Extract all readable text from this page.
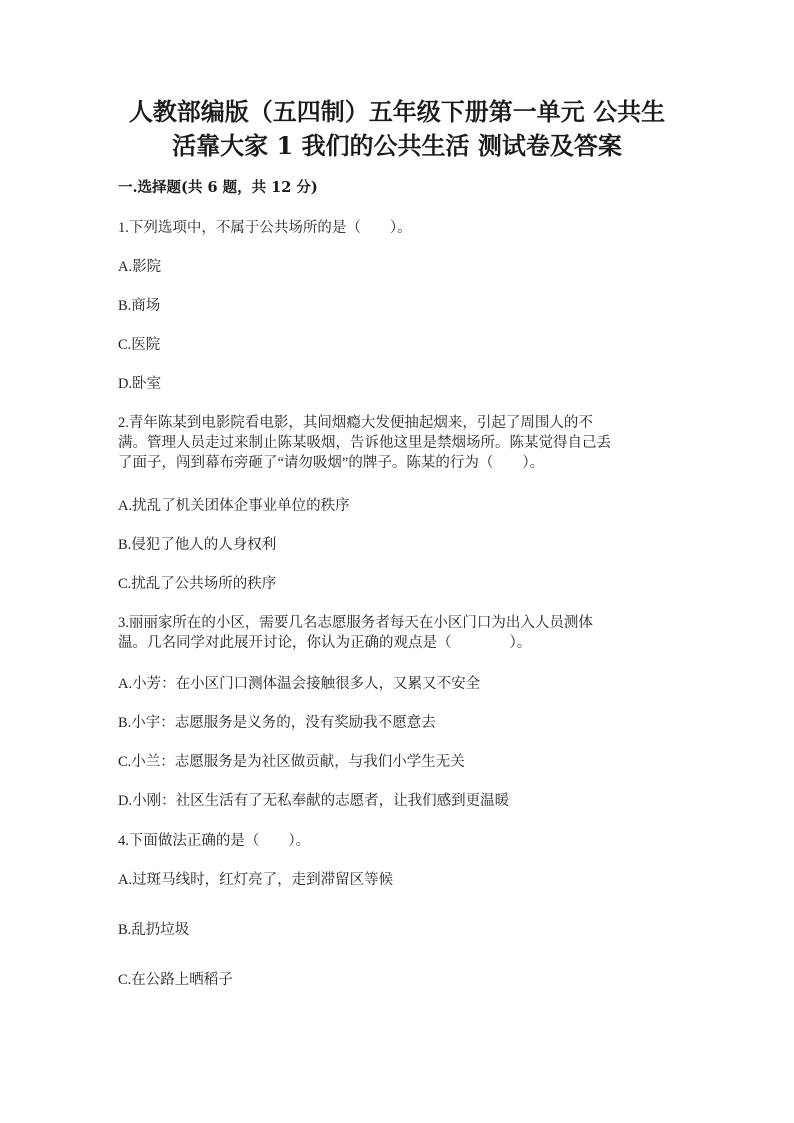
人教部编版（五四制）五年级下册第一单元 公共生
活靠大家 1 我们的公共生活 测试卷及答案
一.选择题(共 6 题，共 12 分)
1.下列选项中，不属于公共场所的是（　　）。
A.影院
B.商场
C.医院
D.卧室
2.青年陈某到电影院看电影，其间烟瘾大发便抽起烟来，引起了周围人的不
满。管理人员走过来制止陈某吸烟，告诉他这里是禁烟场所。陈某觉得自己丢
了面子，闯到幕布旁砸了“请勿吸烟”的牌子。陈某的行为（　　）。
A.扰乱了机关团体企事业单位的秩序
B.侵犯了他人的人身权利
C.扰乱了公共场所的秩序
3.丽丽家所在的小区，需要几名志愿服务者每天在小区门口为出入人员测体
温。几名同学对此展开讨论，你认为正确的观点是（　　　　）。
A.小芳：在小区门口测体温会接触很多人，又累又不安全
B.小宇：志愿服务是义务的，没有奖励我不愿意去
C.小兰：志愿服务是为社区做贡献，与我们小学生无关
D.小刚：社区生活有了无私奉献的志愿者，让我们感到更温暖
4.下面做法正确的是（　　）。
A.过斑马线时，红灯亮了，走到滞留区等候
B.乱扔垃圾
C.在公路上晒稻子
